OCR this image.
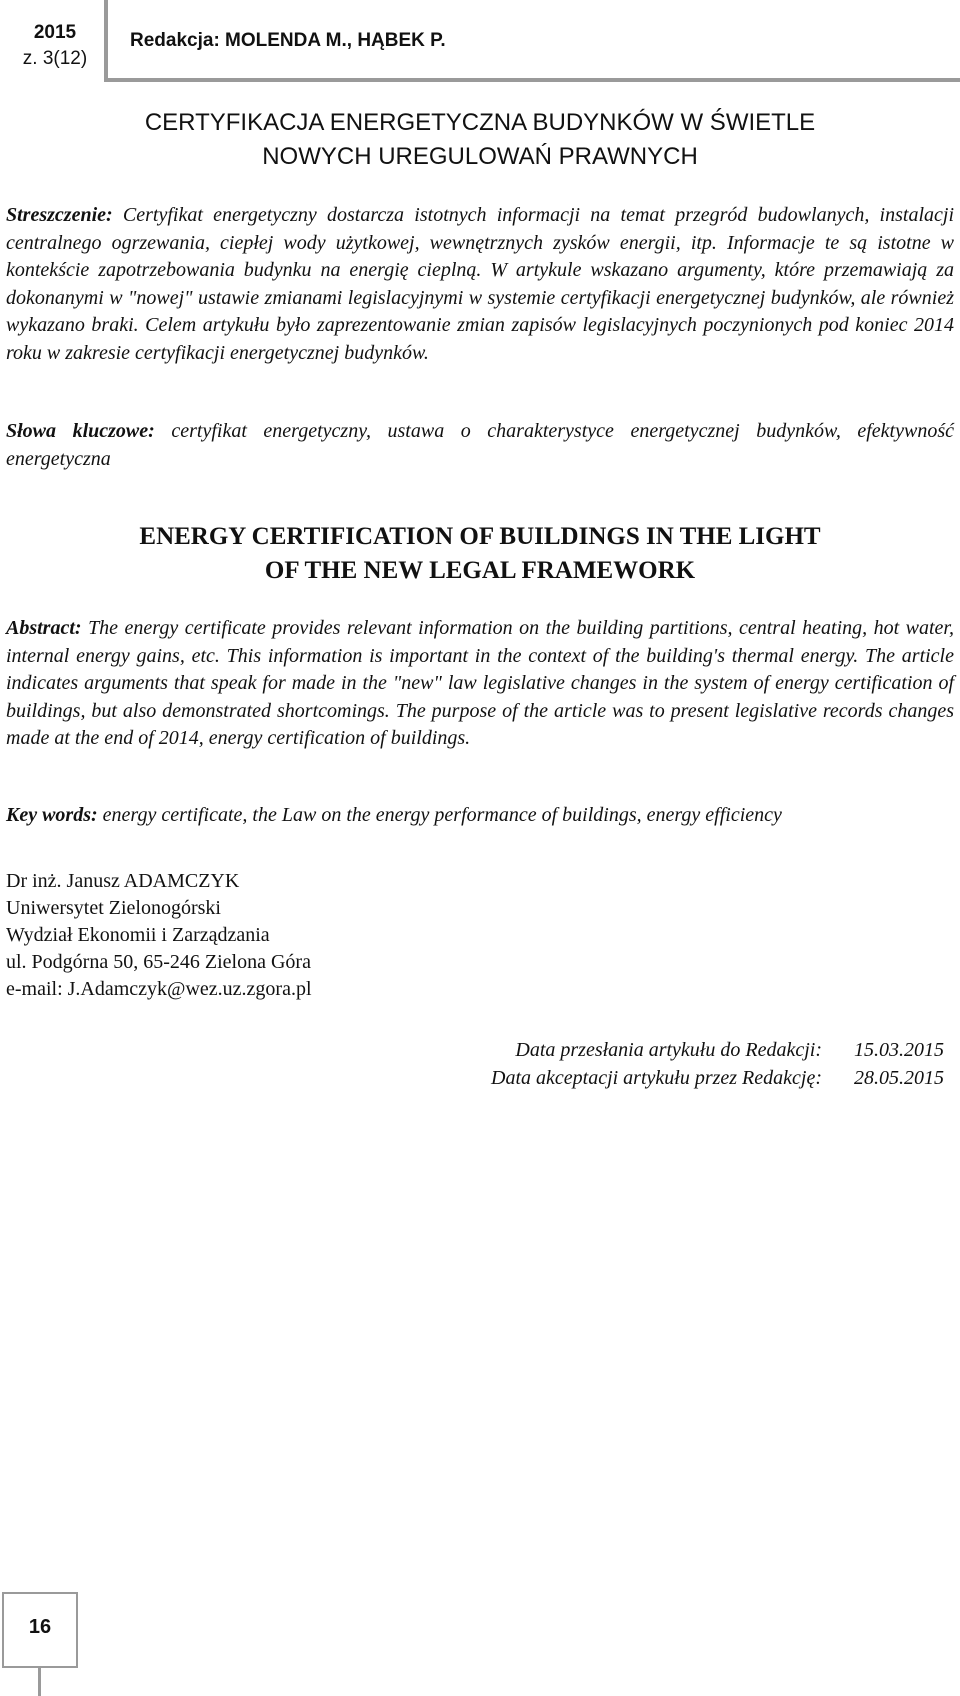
2015
z. 3(12)
Redakcja: MOLENDA M., HĄBEK P.
CERTYFIKACJA ENERGETYCZNA BUDYNKÓW W ŚWIETLE
NOWYCH UREGULOWAŃ PRAWNYCH
Streszczenie: Certyfikat energetyczny dostarcza istotnych informacji na temat przegród budowlanych, instalacji centralnego ogrzewania, ciepłej wody użytkowej, wewnętrznych zysków energii, itp. Informacje te są istotne w kontekście zapotrzebowania budynku na energię cieplną. W artykule wskazano argumenty, które przemawiają za dokonanymi w "nowej" ustawie zmianami legislacyjnymi w systemie certyfikacji energetycznej budynków, ale również wykazano braki. Celem artykułu było zaprezentowanie zmian zapisów legislacyjnych poczynionych pod koniec 2014 roku w zakresie certyfikacji energetycznej budynków.
Słowa kluczowe: certyfikat energetyczny, ustawa o charakterystyce energetycznej budynków, efektywność energetyczna
ENERGY CERTIFICATION OF BUILDINGS IN THE LIGHT
OF THE NEW LEGAL FRAMEWORK
Abstract: The energy certificate provides relevant information on the building partitions, central heating, hot water, internal energy gains, etc. This information is important in the context of the building's thermal energy. The article indicates arguments that speak for made in the "new" law legislative changes in the system of energy certification of buildings, but also demonstrated shortcomings. The purpose of the article was to present legislative records changes made at the end of 2014, energy certification of buildings.
Key words: energy certificate, the Law on the energy performance of buildings, energy efficiency
Dr inż. Janusz ADAMCZYK
Uniwersytet Zielonogórski
Wydział Ekonomii i Zarządzania
ul. Podgórna 50, 65-246 Zielona Góra
e-mail: J.Adamczyk@wez.uz.zgora.pl
Data przesłania artykułu do Redakcji:	15.03.2015
Data akceptacji artykułu przez Redakcję:	28.05.2015
16
